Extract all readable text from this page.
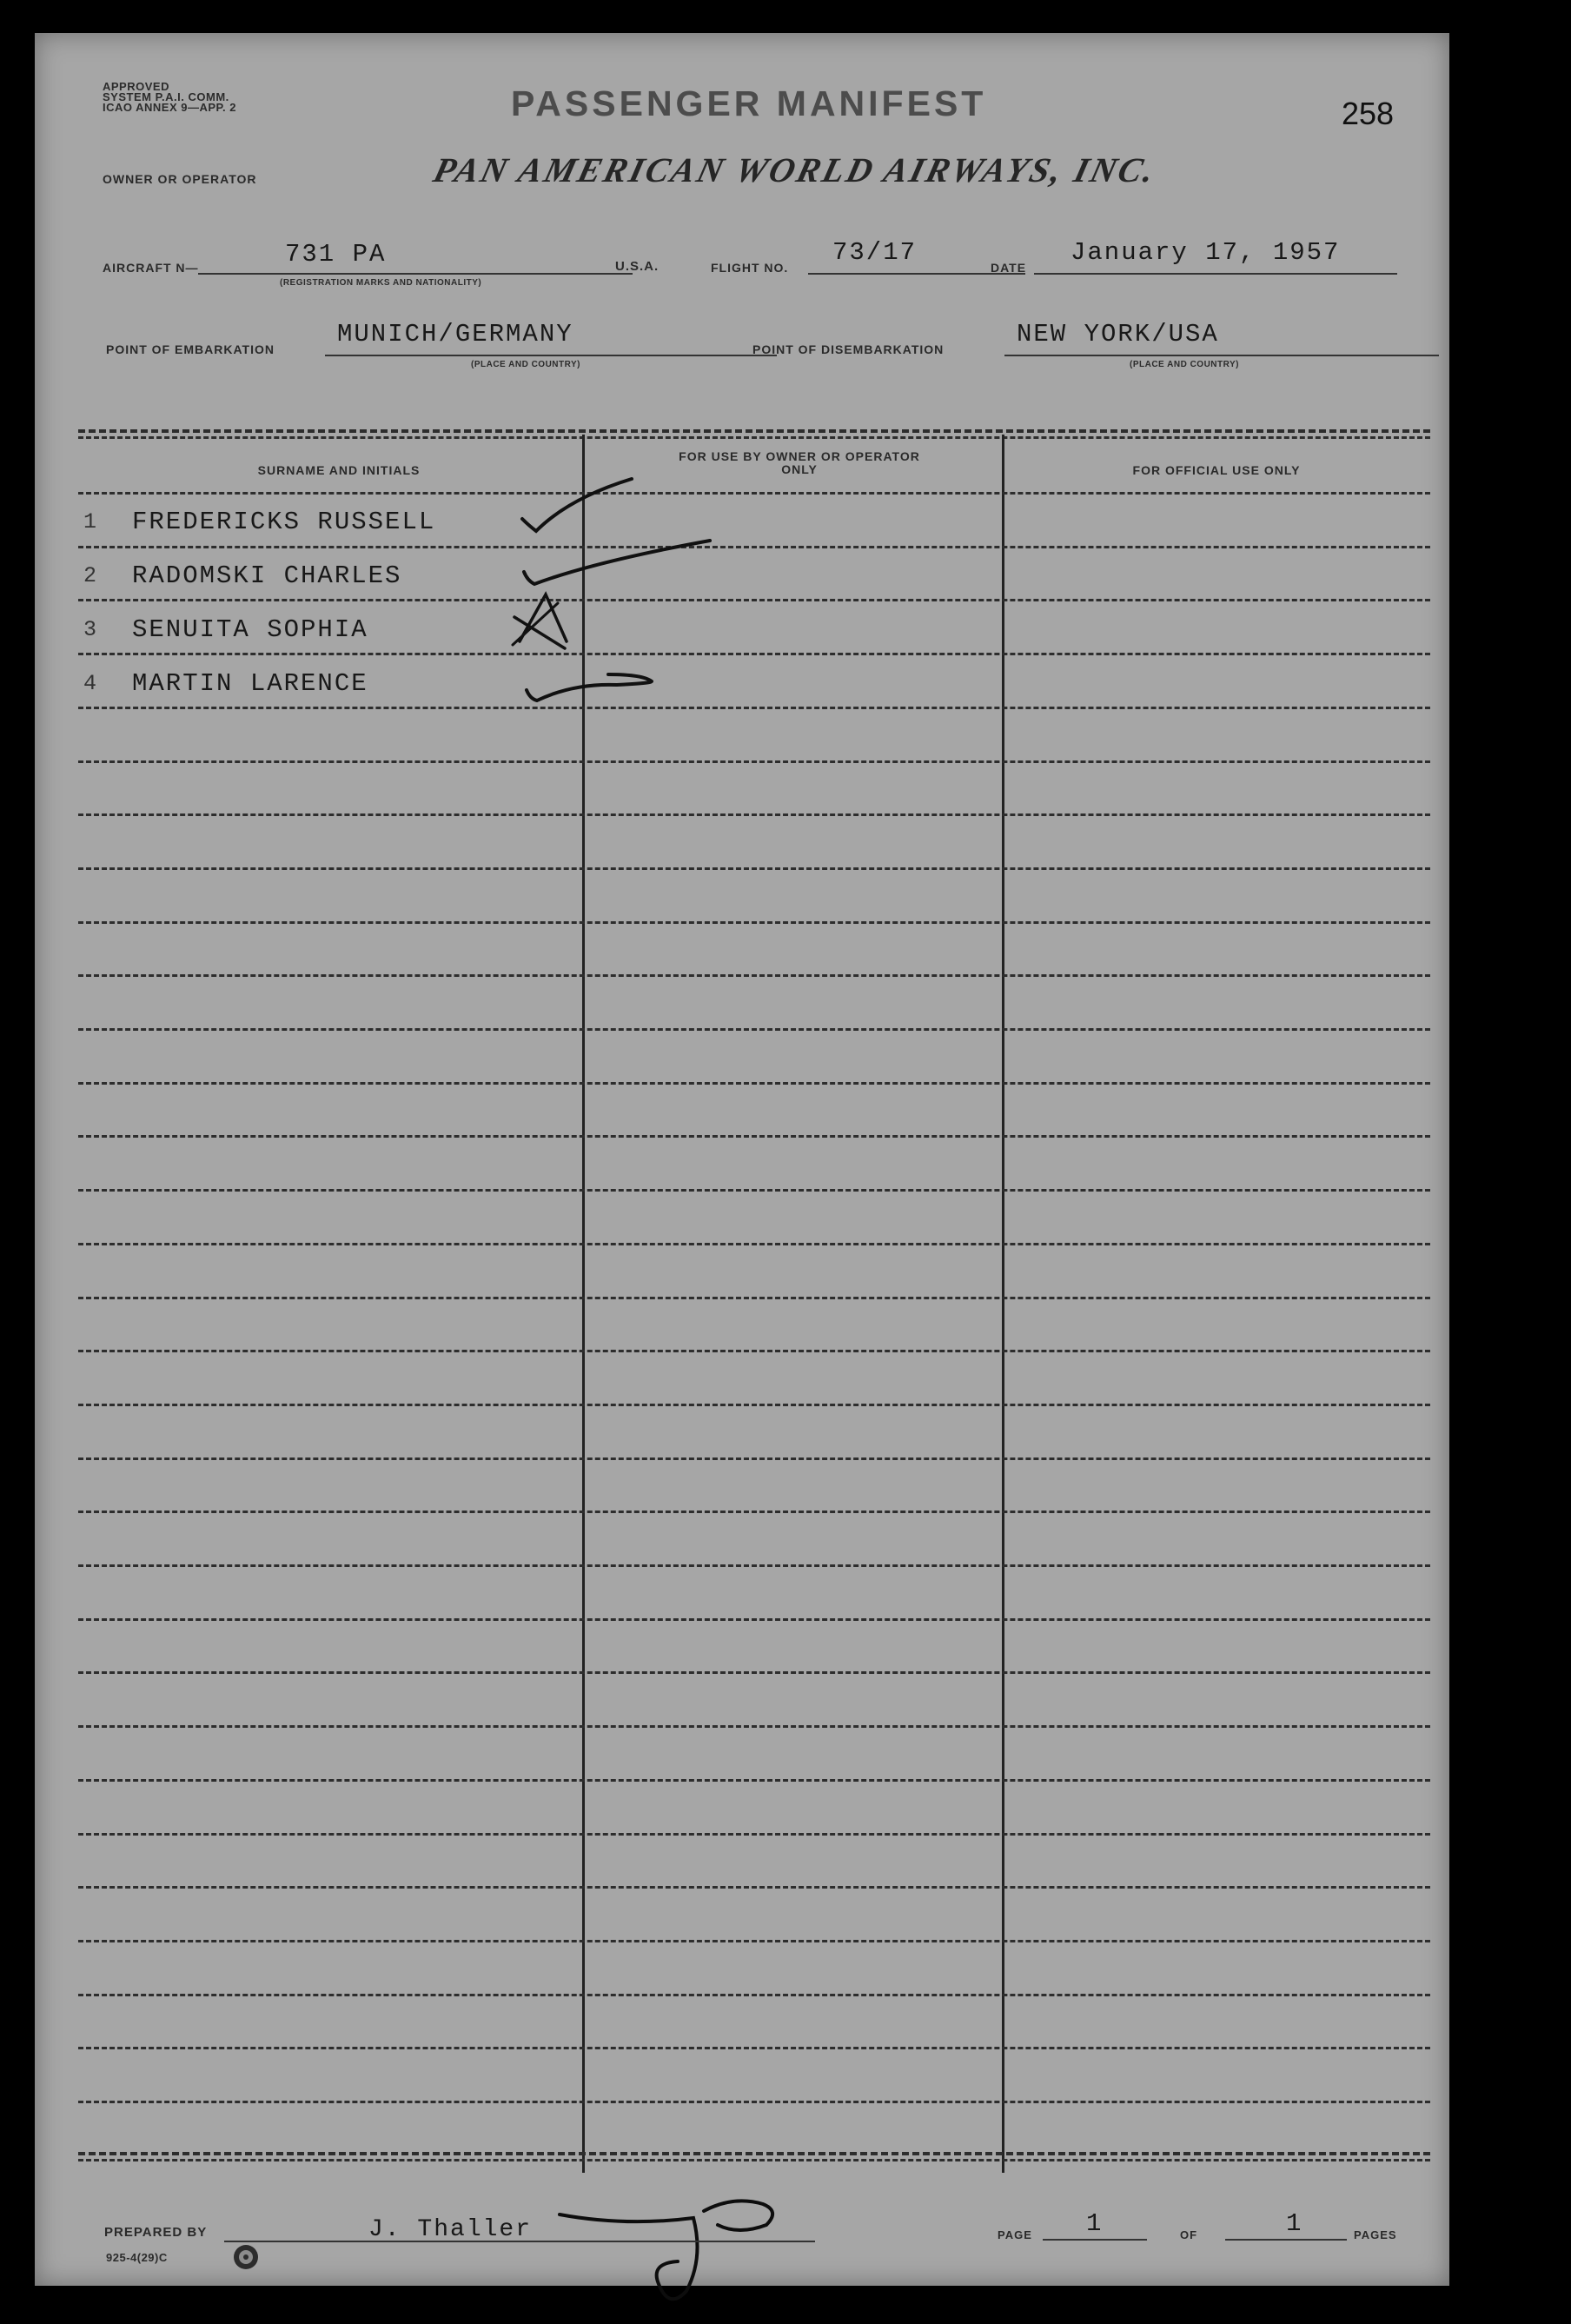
APPROVED
SYSTEM P.A.I. COMM.
ICAO ANNEX 9—APP. 2	PASSENGER MANIFEST	258
OWNER OR OPERATOR	PAN AMERICAN WORLD AIRWAYS, INC.
AIRCRAFT N—	731 PA
(REGISTRATION MARKS AND NATIONALITY)
U.S.A.	FLIGHT NO.
73/17
DATE
January 17, 1957
POINT OF EMBARKATION
MUNICH/GERMANY
(PLACE AND COUNTRY)
POINT OF DISEMBARKATION
NEW YORK/USA
(PLACE AND COUNTRY)
SURNAME AND INITIALS
FOR USE BY OWNER OR OPERATOR ONLY	FOR OFFICIAL USE ONLY
1 FREDERICKS RUSSELL
2 RADOMSKI CHARLES
3 SENUITA SOPHIA
4 MARTIN LARENCE
J. Thaller
PREPARED BY
925-4(29)C
PAGE 1	OF	1	PAGES
